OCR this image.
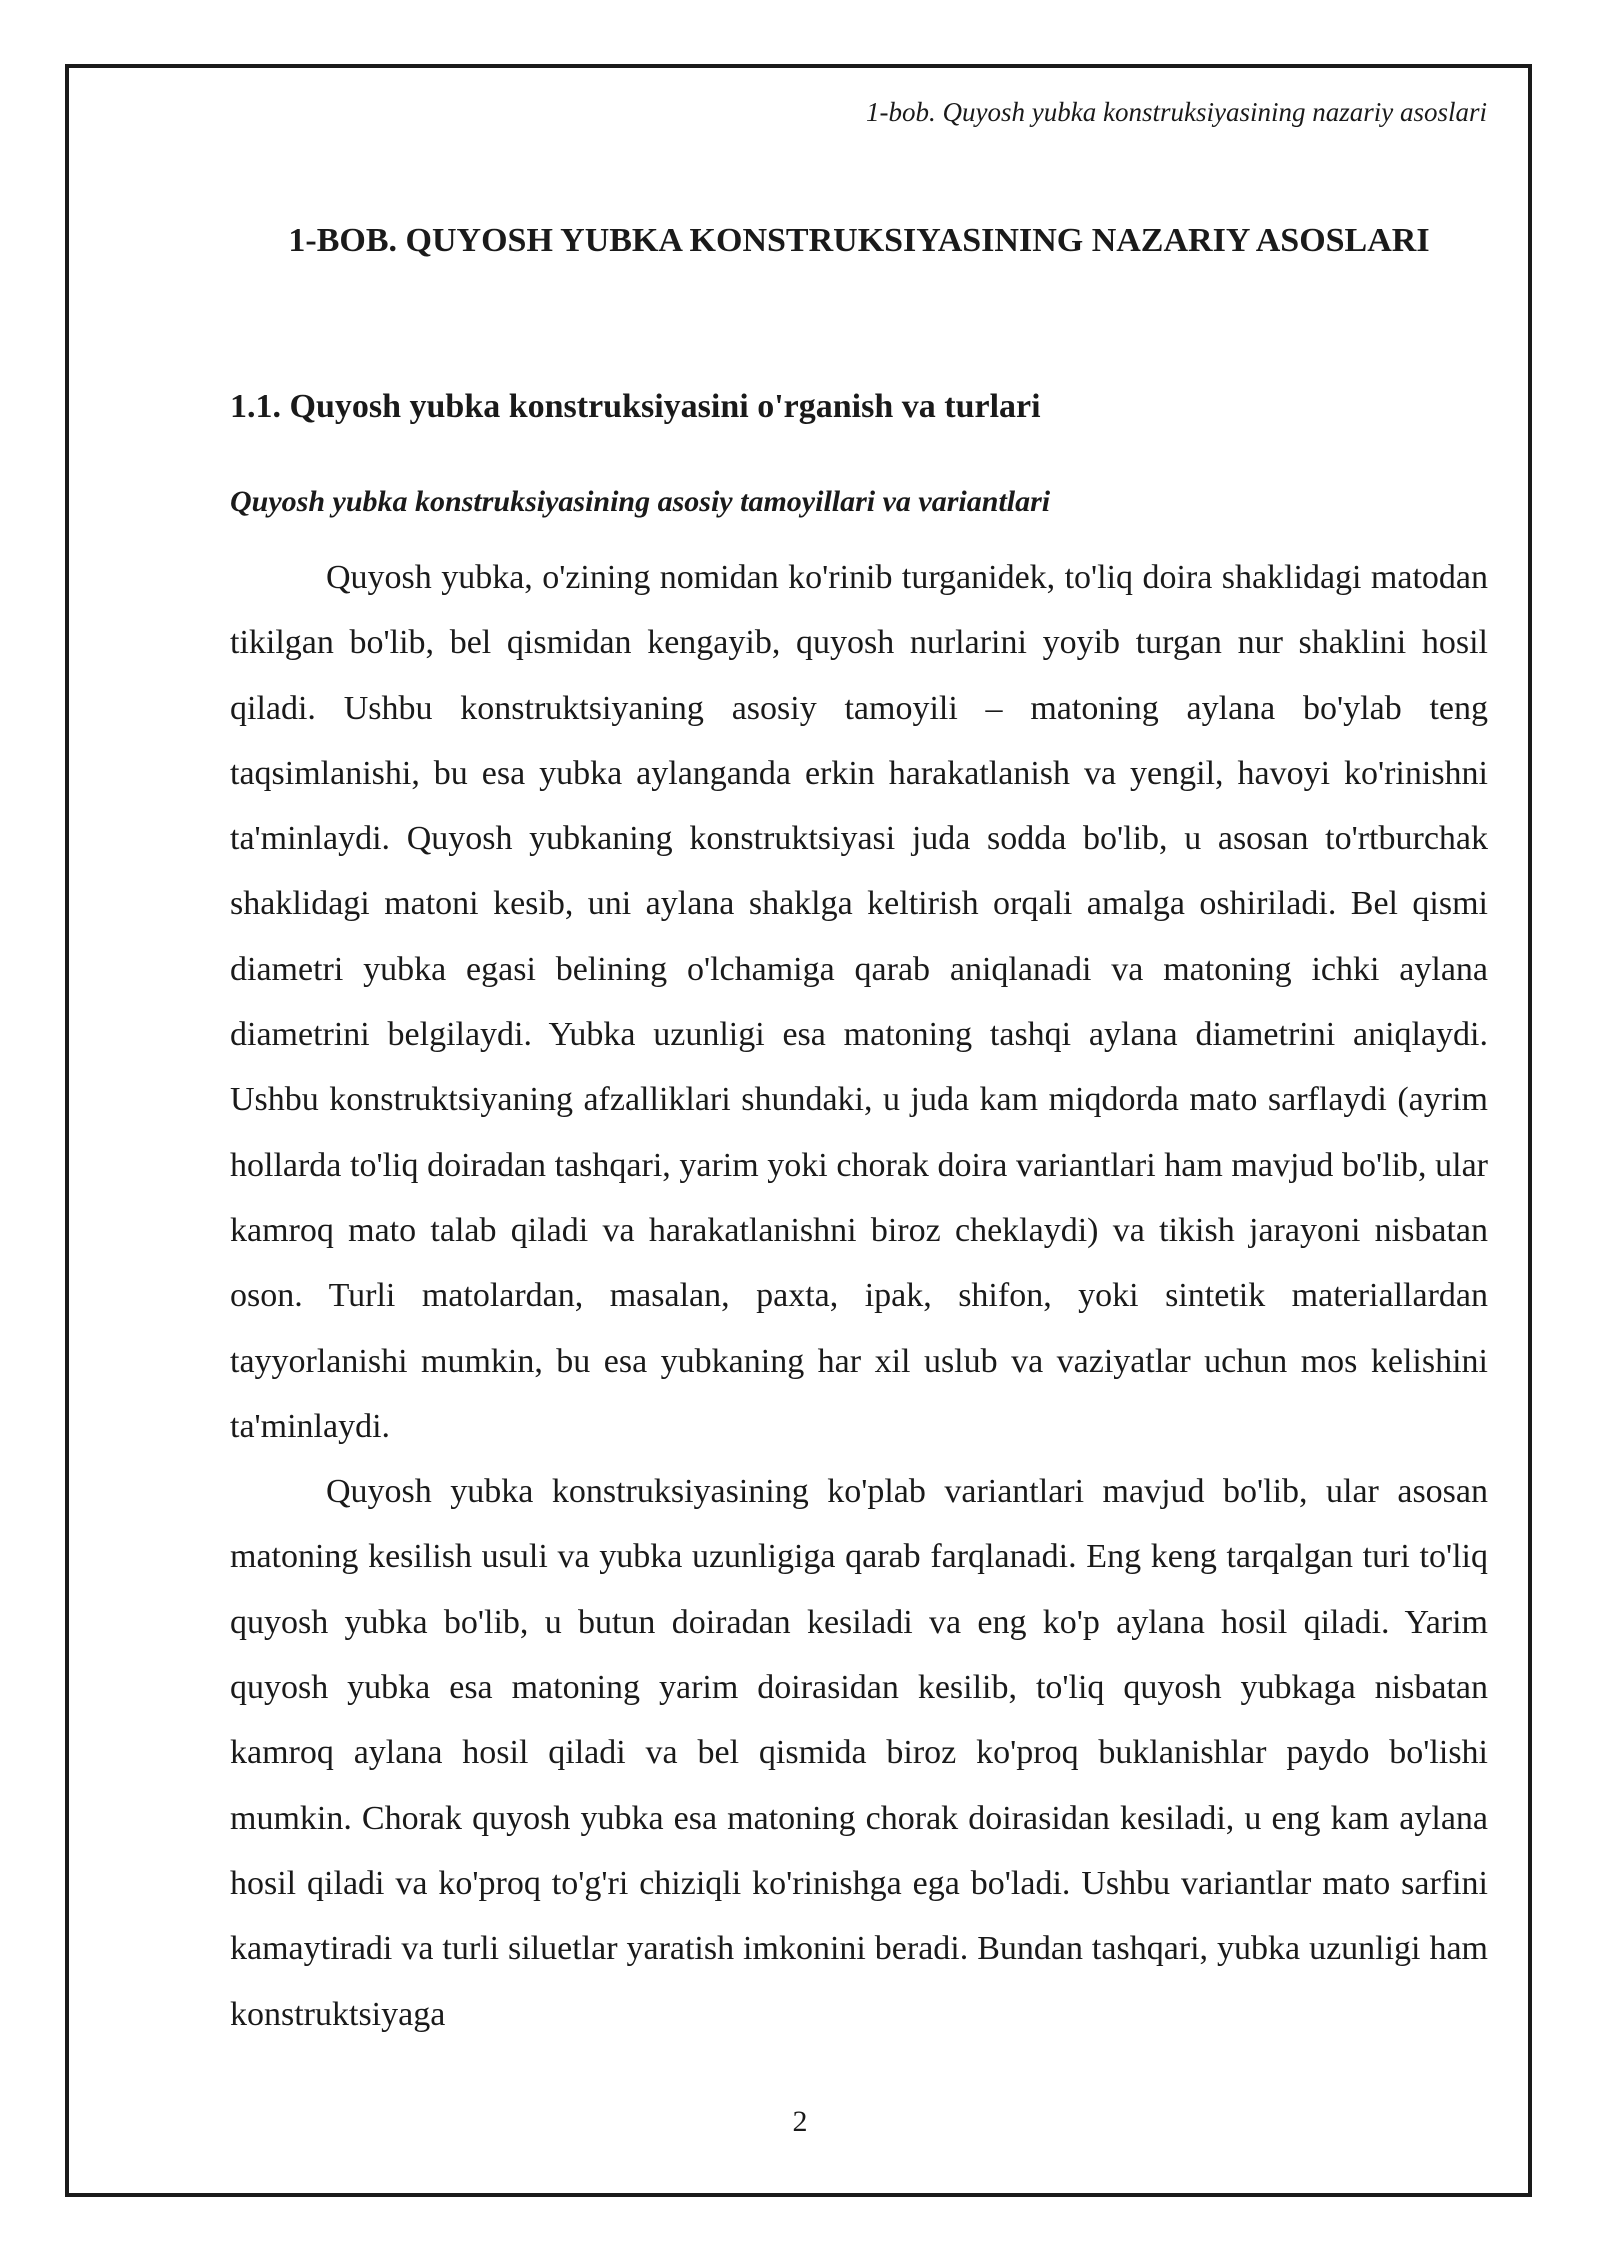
1-bob. Quyosh yubka konstruksiyasining nazariy asoslari
1-BOB. QUYOSH YUBKA KONSTRUKSIYASINING NAZARIY ASOSLARI
1.1. Quyosh yubka konstruksiyasini o'rganish va turlari
Quyosh yubka konstruksiyasining asosiy tamoyillari va variantlari

Quyosh yubka, o'zining nomidan ko'rinib turganidek, to'liq doira shaklidagi matodan tikilgan bo'lib, bel qismidan kengayib, quyosh nurlarini yoyib turgan nur shaklini hosil qiladi. Ushbu konstruktsiyaning asosiy tamoyili – matoning aylana bo'ylab teng taqsimlanishi, bu esa yubka aylanganda erkin harakatlanish va yengil, havoyi ko'rinishni ta'minlaydi. Quyosh yubkaning konstruktsiyasi juda sodda bo'lib, u asosan to'rtburchak shaklidagi matoni kesib, uni aylana shaklga keltirish orqali amalga oshiriladi. Bel qismi diametri yubka egasi belining o'lchamiga qarab aniqlanadi va matoning ichki aylana diametrini belgilaydi. Yubka uzunligi esa matoning tashqi aylana diametrini aniqlaydi. Ushbu konstruktsiyaning afzalliklari shundaki, u juda kam miqdorda mato sarflaydi (ayrim hollarda to'liq doiradan tashqari, yarim yoki chorak doira variantlari ham mavjud bo'lib, ular kamroq mato talab qiladi va harakatlanishni biroz cheklaydi) va tikish jarayoni nisbatan oson. Turli matolardan, masalan, paxta, ipak, shifon, yoki sintetik materiallardan tayyorlanishi mumkin, bu esa yubkaning har xil uslub va vaziyatlar uchun mos kelishini ta'minlaydi.

Quyosh yubka konstruksiyasining ko'plab variantlari mavjud bo'lib, ular asosan matoning kesilish usuli va yubka uzunligiga qarab farqlanadi. Eng keng tarqalgan turi to'liq quyosh yubka bo'lib, u butun doiradan kesiladi va eng ko'p aylana hosil qiladi. Yarim quyosh yubka esa matoning yarim doirasidan kesilib, to'liq quyosh yubkaga nisbatan kamroq aylana hosil qiladi va bel qismida biroz ko'proq buklanishlar paydo bo'lishi mumkin. Chorak quyosh yubka esa matoning chorak doirasidan kesiladi, u eng kam aylana hosil qiladi va ko'proq to'g'ri chiziqli ko'rinishga ega bo'ladi. Ushbu variantlar mato sarfini kamaytiradi va turli siluetlar yaratish imkonini beradi. Bundan tashqari, yubka uzunligi ham konstruktsiyaga

2
